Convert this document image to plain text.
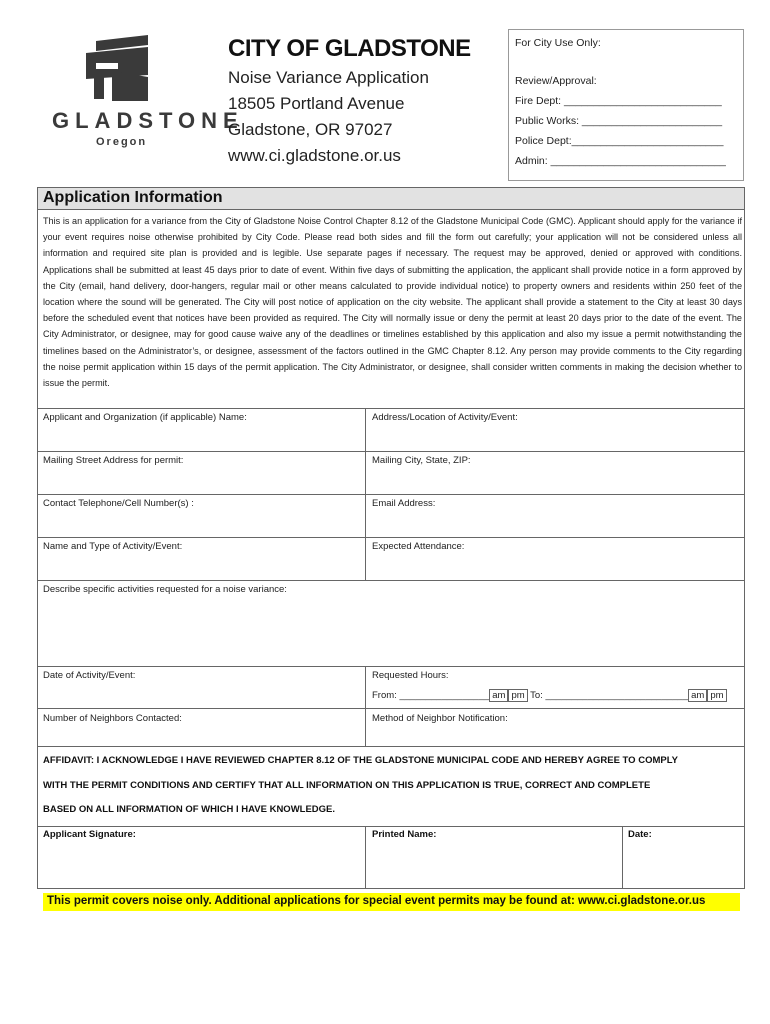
GLADSTONE
Oregon
CITY OF GLADSTONE
Noise Variance Application
18505 Portland Avenue
Gladstone, OR 97027
www.ci.gladstone.or.us
For City Use Only:
Review/Approval:
Fire Dept: ___________________________
Public Works: ________________________
Police Dept:__________________________
Admin: ______________________________
Application Information
This is an application for a variance from the City of Gladstone Noise Control Chapter 8.12 of the Gladstone Municipal Code (GMC). Applicant should apply for the variance if your event requires noise otherwise prohibited by City Code. Please read both sides and fill the form out carefully; your application will not be considered unless all information and required site plan is provided and is legible. Use separate pages if necessary. The request may be approved, denied or approved with conditions. Applications shall be submitted at least 45 days prior to date of event. Within five days of submitting the application, the applicant shall provide notice in a form approved by the City (email, hand delivery, door-hangers, regular mail or other means calculated to provide individual notice) to property owners and residents within 250 feet of the location where the sound will be generated. The City will post notice of application on the city website. The applicant shall provide a statement to the City at least 30 days before the scheduled event that notices have been provided as required. The City will normally issue or deny the permit at least 20 days prior to the date of the event. The City Administrator, or designee, may for good cause waive any of the deadlines or timelines established by this application and also my issue a permit notwithstanding the timelines based on the Administrator’s, or designee, assessment of the factors outlined in the GMC Chapter 8.12. Any person may provide comments to the City regarding the noise permit application within 15 days of the permit application. The City Administrator, or designee, shall consider written comments in making the decision whether to issue the permit.
Applicant and Organization (if applicable) Name:	Address/Location of Activity/Event:
Mailing Street Address for permit:	Mailing City, State, ZIP:
Contact Telephone/Cell Number(s) :	Email Address:
Name and Type of Activity/Event:	Expected Attendance:
Describe specific activities requested for a noise variance:
Date of Activity/Event:	Requested Hours:
From: _________________ am pm To: ___________________________ am pm
Number of Neighbors Contacted:	Method of Neighbor Notification:
AFFIDAVIT: I ACKNOWLEDGE I HAVE REVIEWED CHAPTER 8.12 OF THE GLADSTONE MUNICIPAL CODE AND HEREBY AGREE TO COMPLY
WITH THE PERMIT CONDITIONS AND CERTIFY THAT ALL INFORMATION ON THIS APPLICATION IS TRUE, CORRECT AND COMPLETE
BASED ON ALL INFORMATION OF WHICH I HAVE KNOWLEDGE.
Applicant Signature:	Printed Name:	Date:
This permit covers noise only. Additional applications for special event permits may be found at: www.ci.gladstone.or.us
